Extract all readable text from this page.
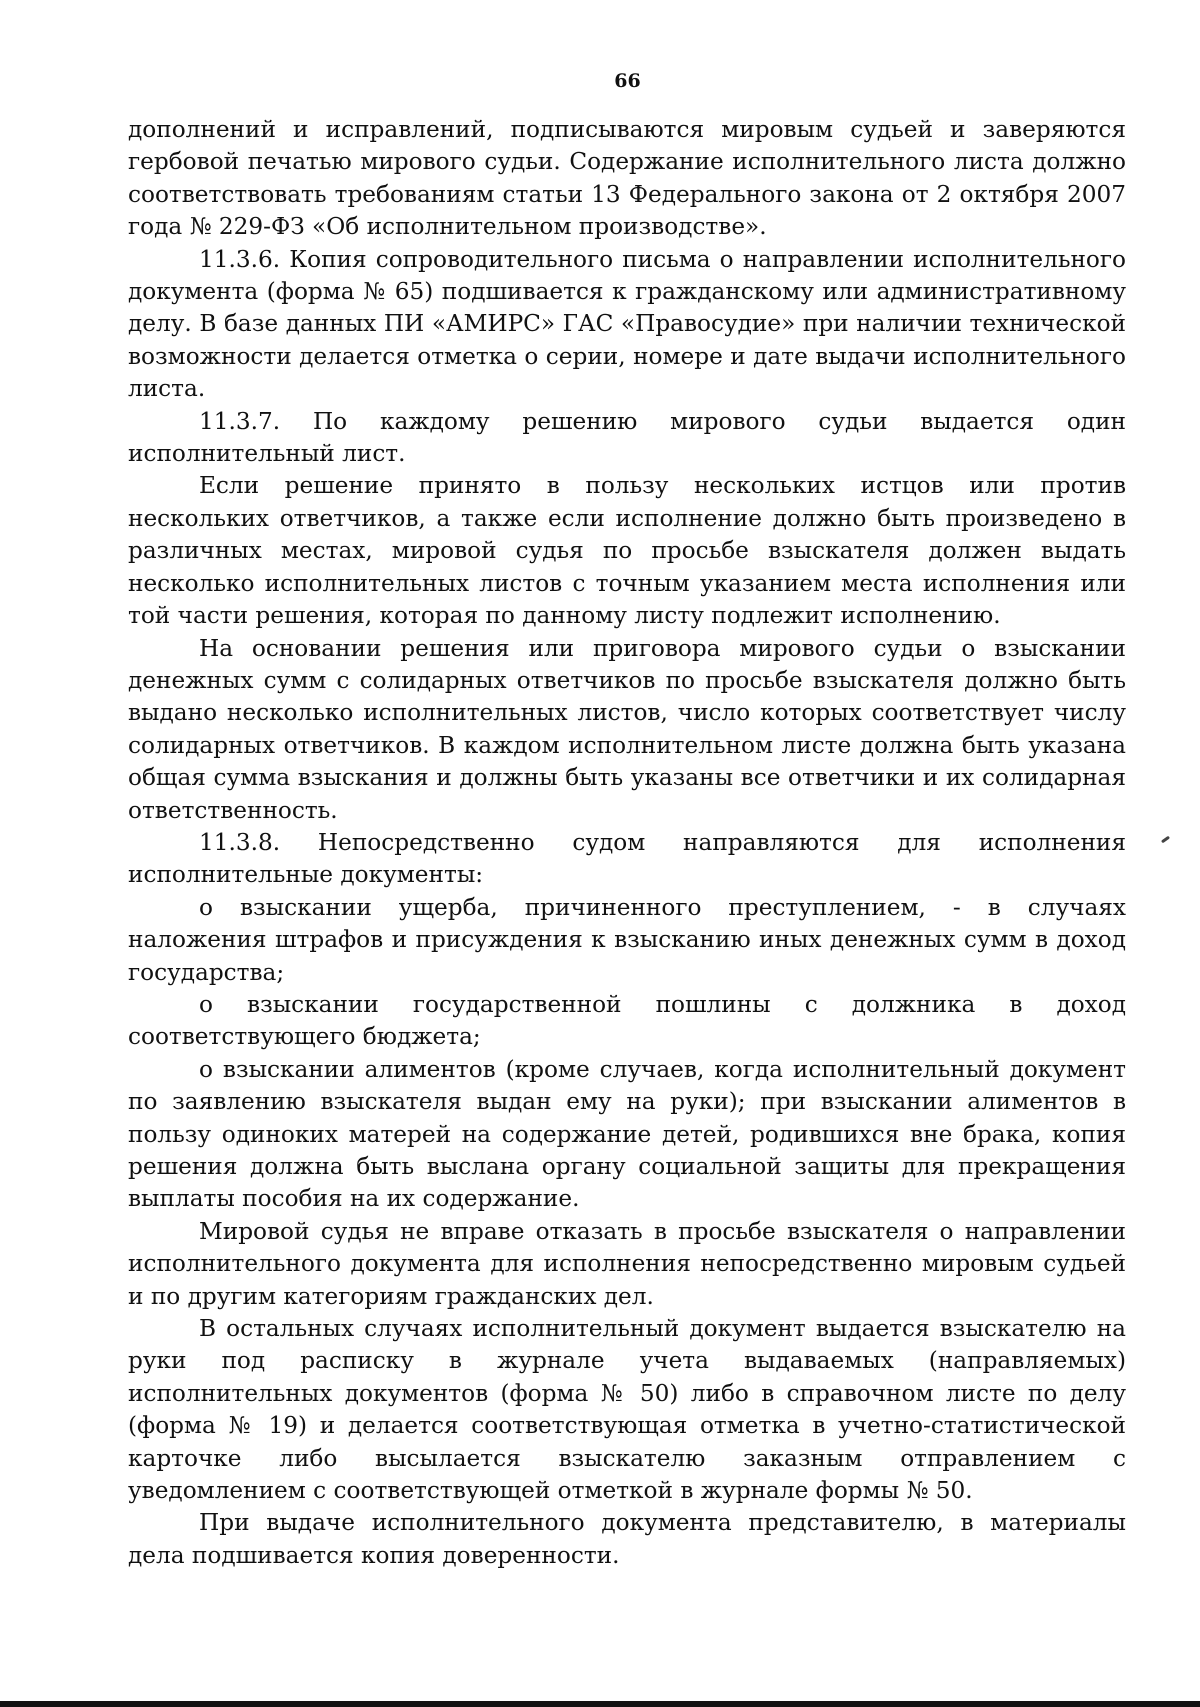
66

дополнений и исправлений, подписываются мировым судьей и заверяются гербовой печатью мирового судьи. Содержание исполнительного листа должно соответствовать требованиям статьи 13 Федерального закона от 2 октября 2007 года № 229-ФЗ «Об исполнительном производстве».

11.3.6. Копия сопроводительного письма о направлении исполнительного документа (форма № 65) подшивается к гражданскому или административному делу. В базе данных ПИ «АМИРС» ГАС «Правосудие» при наличии технической возможности делается отметка о серии, номере и дате выдачи исполнительного листа.

11.3.7. По каждому решению мирового судьи выдается один исполнительный лист.

Если решение принято в пользу нескольких истцов или против нескольких ответчиков, а также если исполнение должно быть произведено в различных местах, мировой судья по просьбе взыскателя должен выдать несколько исполнительных листов с точным указанием места исполнения или той части решения, которая по данному листу подлежит исполнению.

На основании решения или приговора мирового судьи о взыскании денежных сумм с солидарных ответчиков по просьбе взыскателя должно быть выдано несколько исполнительных листов, число которых соответствует числу солидарных ответчиков. В каждом исполнительном листе должна быть указана общая сумма взыскания и должны быть указаны все ответчики и их солидарная ответственность.

11.3.8. Непосредственно судом направляются для исполнения исполнительные документы:

о взыскании ущерба, причиненного преступлением, - в случаях наложения штрафов и присуждения к взысканию иных денежных сумм в доход государства;

о взыскании государственной пошлины с должника в доход соответствующего бюджета;

о взыскании алиментов (кроме случаев, когда исполнительный документ по заявлению взыскателя выдан ему на руки); при взыскании алиментов в пользу одиноких матерей на содержание детей, родившихся вне брака, копия решения должна быть выслана органу социальной защиты для прекращения выплаты пособия на их содержание.

Мировой судья не вправе отказать в просьбе взыскателя о направлении исполнительного документа для исполнения непосредственно мировым судьей и по другим категориям гражданских дел.

В остальных случаях исполнительный документ выдается взыскателю на руки под расписку в журнале учета выдаваемых (направляемых) исполнительных документов (форма № 50) либо в справочном листе по делу (форма № 19) и делается соответствующая отметка в учетно-статистической карточке либо высылается взыскателю заказным отправлением с уведомлением с соответствующей отметкой в журнале формы № 50.

При выдаче исполнительного документа представителю, в материалы дела подшивается копия доверенности.
